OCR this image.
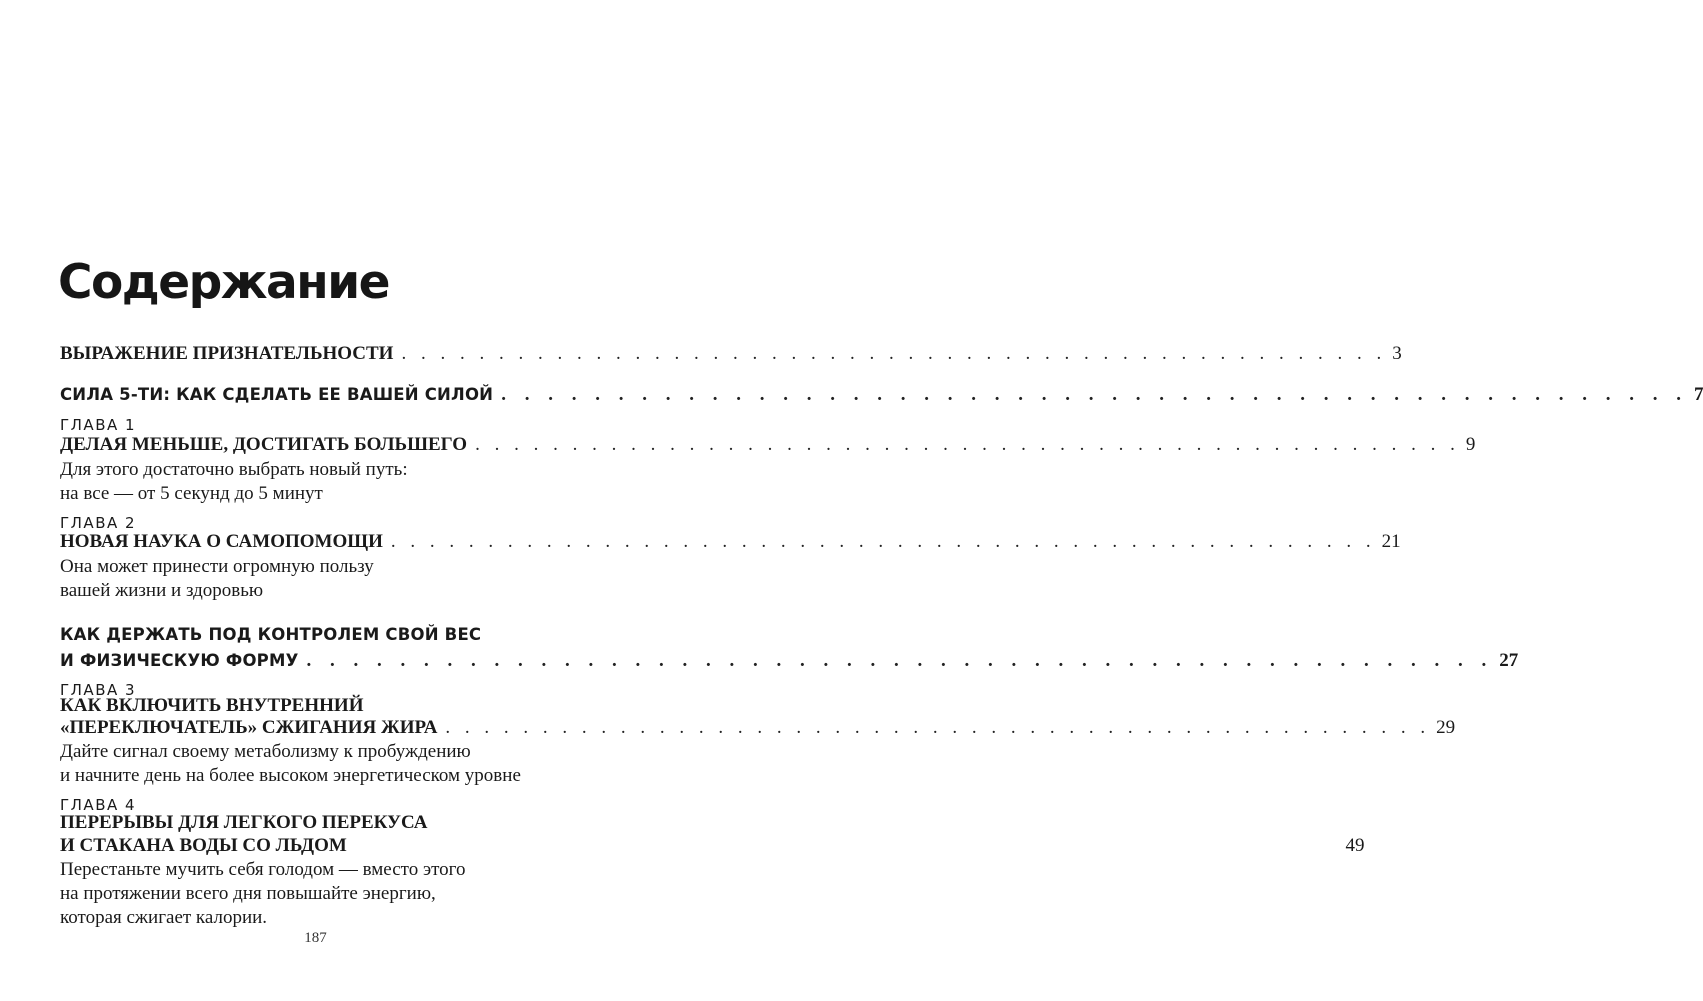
Содержание
ВЫРАЖЕНИЕ ПРИЗНАТЕЛЬНОСТИ . . . . . . . . . . . . . . . . . . . . . . . . . . . . . . . . . . . . . . . . . . . . . . . . . . . 3
СИЛА 5-ТИ: КАК СДЕЛАТЬ ЕЕ ВАШЕЙ СИЛОЙ . . . . . . . . . . . . . . . . . . . . . . . . . . . . . . . . . . . . . . . . . . . . . . . . . . . 7
ГЛАВА 1
ДЕЛАЯ МЕНЬШЕ, ДОСТИГАТЬ БОЛЬШЕГО . . . . . . . . . . . . . . . . . . . . . . . . . . . . . . . . . . . . . . . . . . . . . . . . . . . 9
Для этого достаточно выбрать новый путь:
на все — от 5 секунд до 5 минут
ГЛАВА 2
НОВАЯ НАУКА О САМОПОМОЩИ . . . . . . . . . . . . . . . . . . . . . . . . . . . . . . . . . . . . . . . . . . . . . . . . . . . 21
Она может принести огромную пользу
вашей жизни и здоровью
КАК ДЕРЖАТЬ ПОД КОНТРОЛЕМ СВОЙ ВЕС
И ФИЗИЧЕСКУЮ ФОРМУ . . . . . . . . . . . . . . . . . . . . . . . . . . . . . . . . . . . . . . . . . . . . . . . . . . . 27
ГЛАВА 3
КАК ВКЛЮЧИТЬ ВНУТРЕННИЙ
«ПЕРЕКЛЮЧАТЕЛЬ» СЖИГАНИЯ ЖИРА . . . . . . . . . . . . . . . . . . . . . . . . . . . . . . . . . . . . . . . . . . . . . . . . . . . 29
Дайте сигнал своему метаболизму к пробуждению
и начните день на более высоком энергетическом уровне
ГЛАВА 4
ПЕРЕРЫВЫ ДЛЯ ЛЕГКОГО ПЕРЕКУСА
И СТАКАНА ВОДЫ СО ЛЬДОМ	49
Перестаньте мучить себя голодом — вместо этого
на протяжении всего дня повышайте энергию,
которая сжигает калории.
187
